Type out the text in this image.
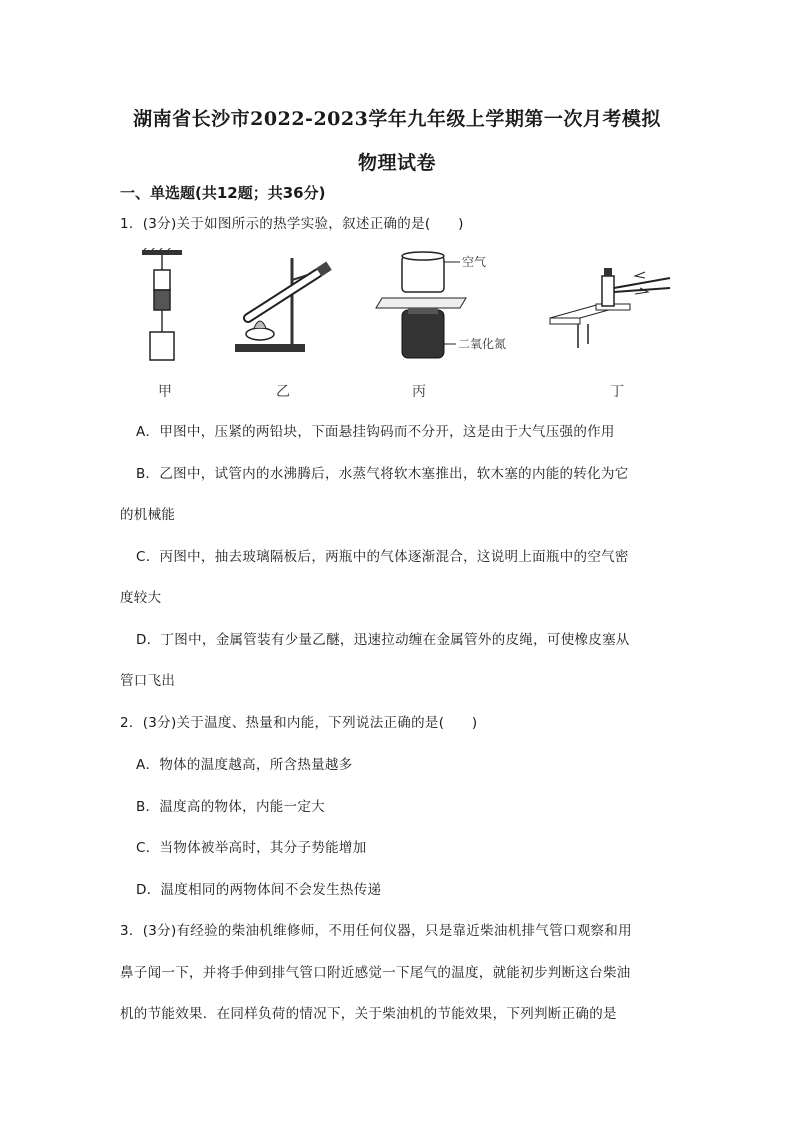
湖南省长沙市2022-2023学年九年级上学期第一次月考模拟
物理试卷
一、单选题(共12题；共36分)
1．(3分)关于如图所示的热学实验，叙述正确的是(　　)
空气
二氧化氮
甲	乙	丙	丁
A．甲图中，压紧的两铅块，下面悬挂钩码而不分开，这是由于大气压强的作用
B．乙图中，试管内的水沸腾后，水蒸气将软木塞推出，软木塞的内能的转化为它
的机械能
C．丙图中，抽去玻璃隔板后，两瓶中的气体逐渐混合，这说明上面瓶中的空气密
度较大
D．丁图中，金属管装有少量乙醚，迅速拉动缠在金属管外的皮绳，可使橡皮塞从
管口飞出
2．(3分)关于温度、热量和内能，下列说法正确的是(　　)
A．物体的温度越高，所含热量越多
B．温度高的物体，内能一定大
C．当物体被举高时，其分子势能增加
D．温度相同的两物体间不会发生热传递
3．(3分)有经验的柴油机维修师，不用任何仪器，只是靠近柴油机排气管口观察和用
鼻子闻一下，并将手伸到排气管口附近感觉一下尾气的温度，就能初步判断这台柴油
机的节能效果．在同样负荷的情况下，关于柴油机的节能效果，下列判断正确的是
